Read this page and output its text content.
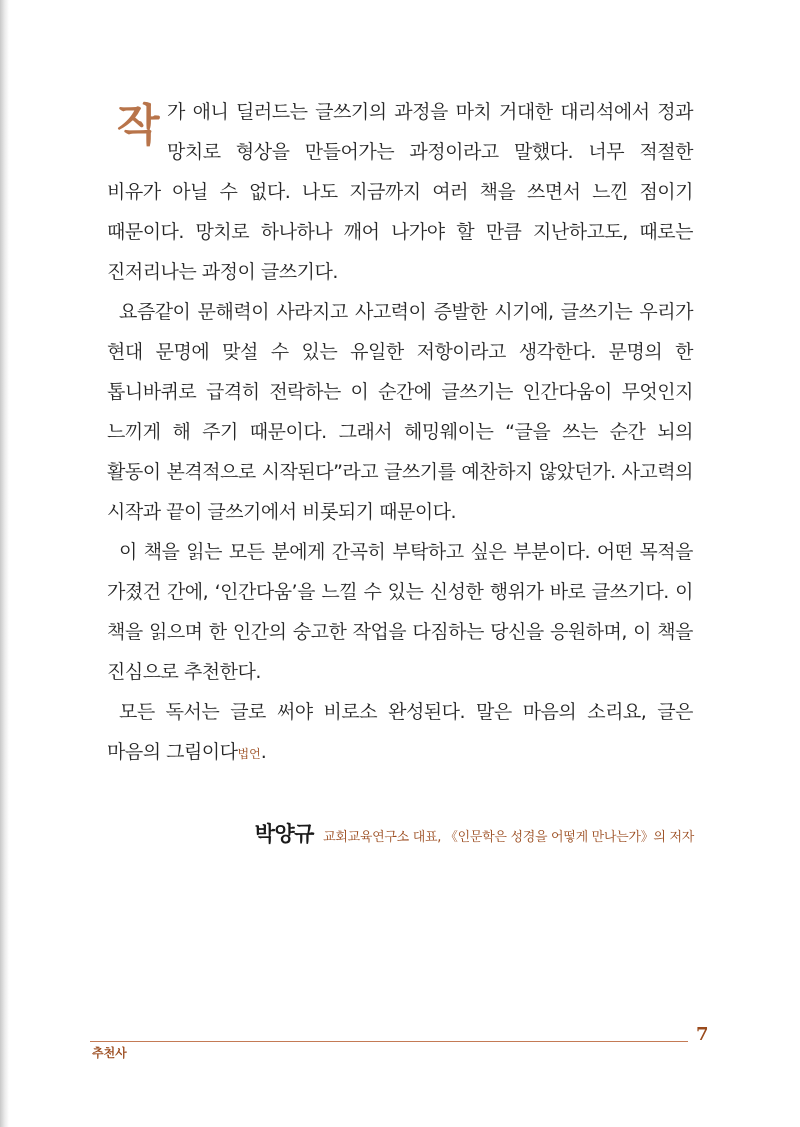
작가 애니 딜러드는 글쓰기의 과정을 마치 거대한 대리석에서 정과 망치로 형상을 만들어가는 과정이라고 말했다. 너무 적절한 비유가 아닐 수 없다. 나도 지금까지 여러 책을 쓰면서 느낀 점이기 때문이다. 망치로 하나하나 깨어 나가야 할 만큼 지난하고도, 때로는 진저리나는 과정이 글쓰기다.

요즘같이 문해력이 사라지고 사고력이 증발한 시기에, 글쓰기는 우리가 현대 문명에 맞설 수 있는 유일한 저항이라고 생각한다. 문명의 한 톱니바퀴로 급격히 전락하는 이 순간에 글쓰기는 인간다움이 무엇인지 느끼게 해 주기 때문이다. 그래서 헤밍웨이는 “글을 쓰는 순간 뇌의 활동이 본격적으로 시작된다”라고 글쓰기를 예찬하지 않았던가. 사고력의 시작과 끝이 글쓰기에서 비롯되기 때문이다.

이 책을 읽는 모든 분에게 간곡히 부탁하고 싶은 부분이다. 어떤 목적을 가졌건 간에, ‘인간다움’을 느낄 수 있는 신성한 행위가 바로 글쓰기다. 이 책을 읽으며 한 인간의 숭고한 작업을 다짐하는 당신을 응원하며, 이 책을 진심으로 추천한다.

모든 독서는 글로 써야 비로소 완성된다. 말은 마음의 소리요, 글은 마음의 그림이다법언.

박양규 교회교육연구소 대표, 《인문학은 성경을 어떻게 만나는가》의 저자
추천사
7
